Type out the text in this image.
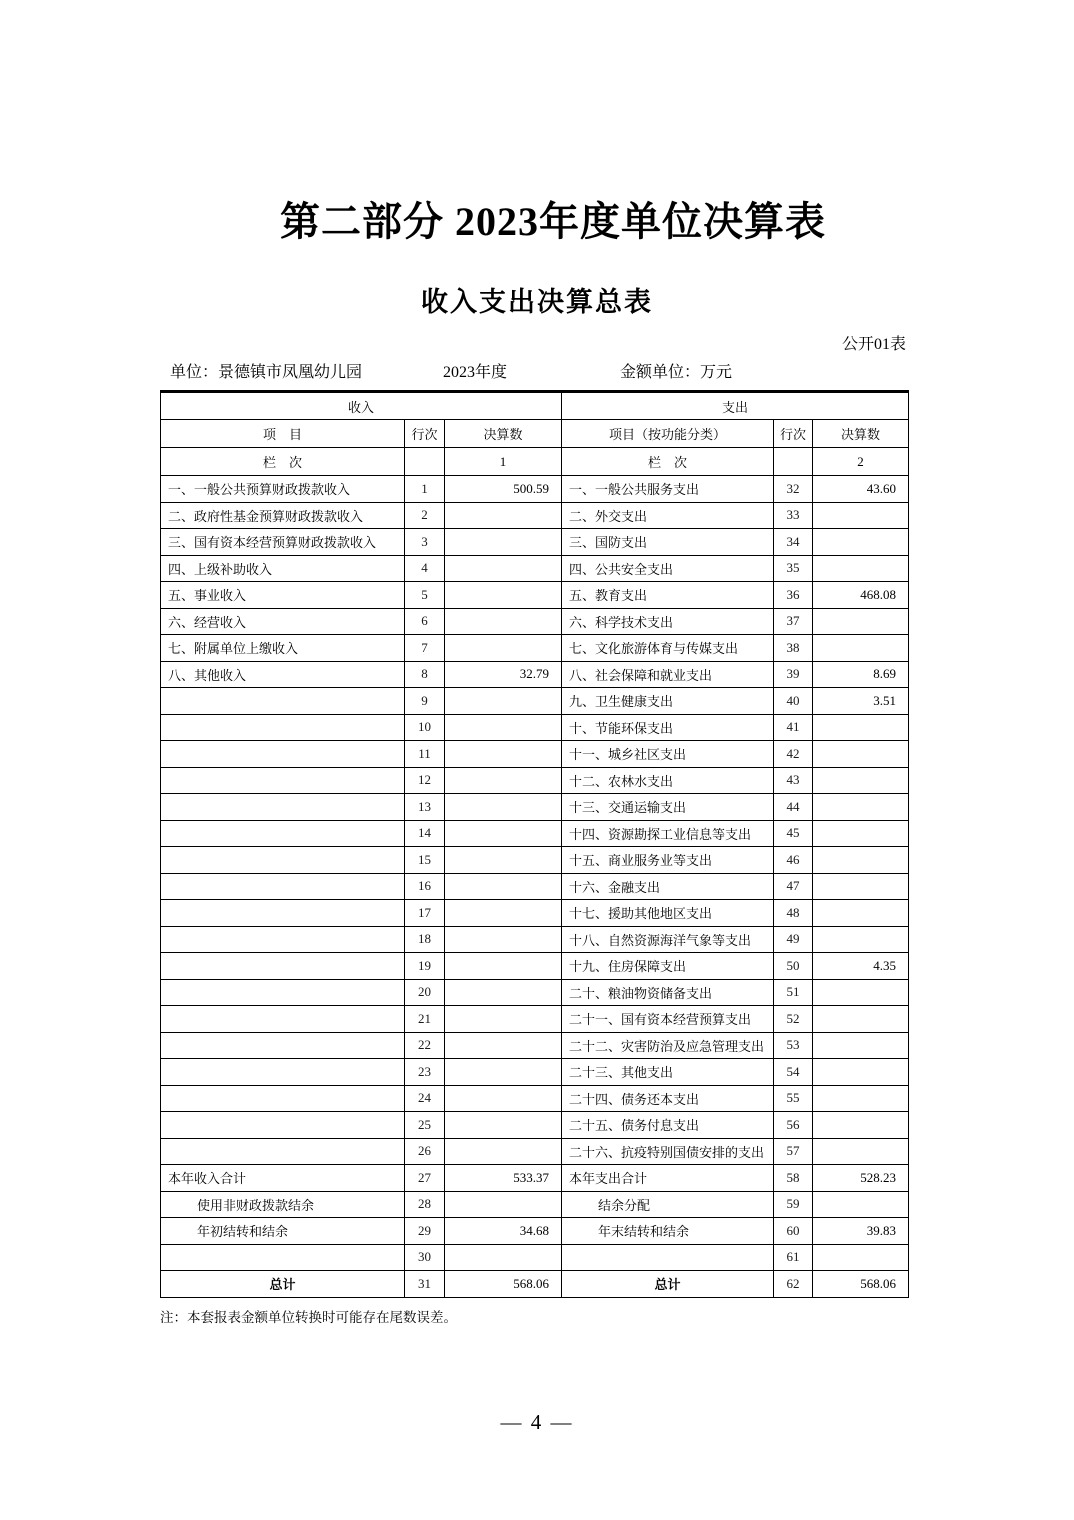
第二部分 2023年度单位决算表
收入支出决算总表
公开01表
单位：景德镇市凤凰幼儿园	2023年度	金额单位：万元
收入			支出		
项　目	行次	决算数	项目（按功能分类）	行次	决算数
栏　次		1	栏　次		2
一、一般公共预算财政拨款收入	1	500.59	一、一般公共服务支出	32	43.60
二、政府性基金预算财政拨款收入	2		二、外交支出	33	
三、国有资本经营预算财政拨款收入	3		三、国防支出	34	
四、上级补助收入	4		四、公共安全支出	35	
五、事业收入	5		五、教育支出	36	468.08
六、经营收入	6		六、科学技术支出	37	
七、附属单位上缴收入	7		七、文化旅游体育与传媒支出	38	
八、其他收入	8	32.79	八、社会保障和就业支出	39	8.69
	9		九、卫生健康支出	40	3.51
	10		十、节能环保支出	41	
	11		十一、城乡社区支出	42	
	12		十二、农林水支出	43	
	13		十三、交通运输支出	44	
	14		十四、资源勘探工业信息等支出	45	
	15		十五、商业服务业等支出	46	
	16		十六、金融支出	47	
	17		十七、援助其他地区支出	48	
	18		十八、自然资源海洋气象等支出	49	
	19		十九、住房保障支出	50	4.35
	20		二十、粮油物资储备支出	51	
	21		二十一、国有资本经营预算支出	52	
	22		二十二、灾害防治及应急管理支出	53	
	23		二十三、其他支出	54	
	24		二十四、债务还本支出	55	
	25		二十五、债务付息支出	56	
	26		二十六、抗疫特别国债安排的支出	57	
本年收入合计	27	533.37	本年支出合计	58	528.23
使用非财政拨款结余	28		结余分配	59	
年初结转和结余	29	34.68	年末结转和结余	60	39.83
	30			61	
总计	31	568.06	总计	62	568.06
注：本套报表金额单位转换时可能存在尾数误差。
— 4 —
